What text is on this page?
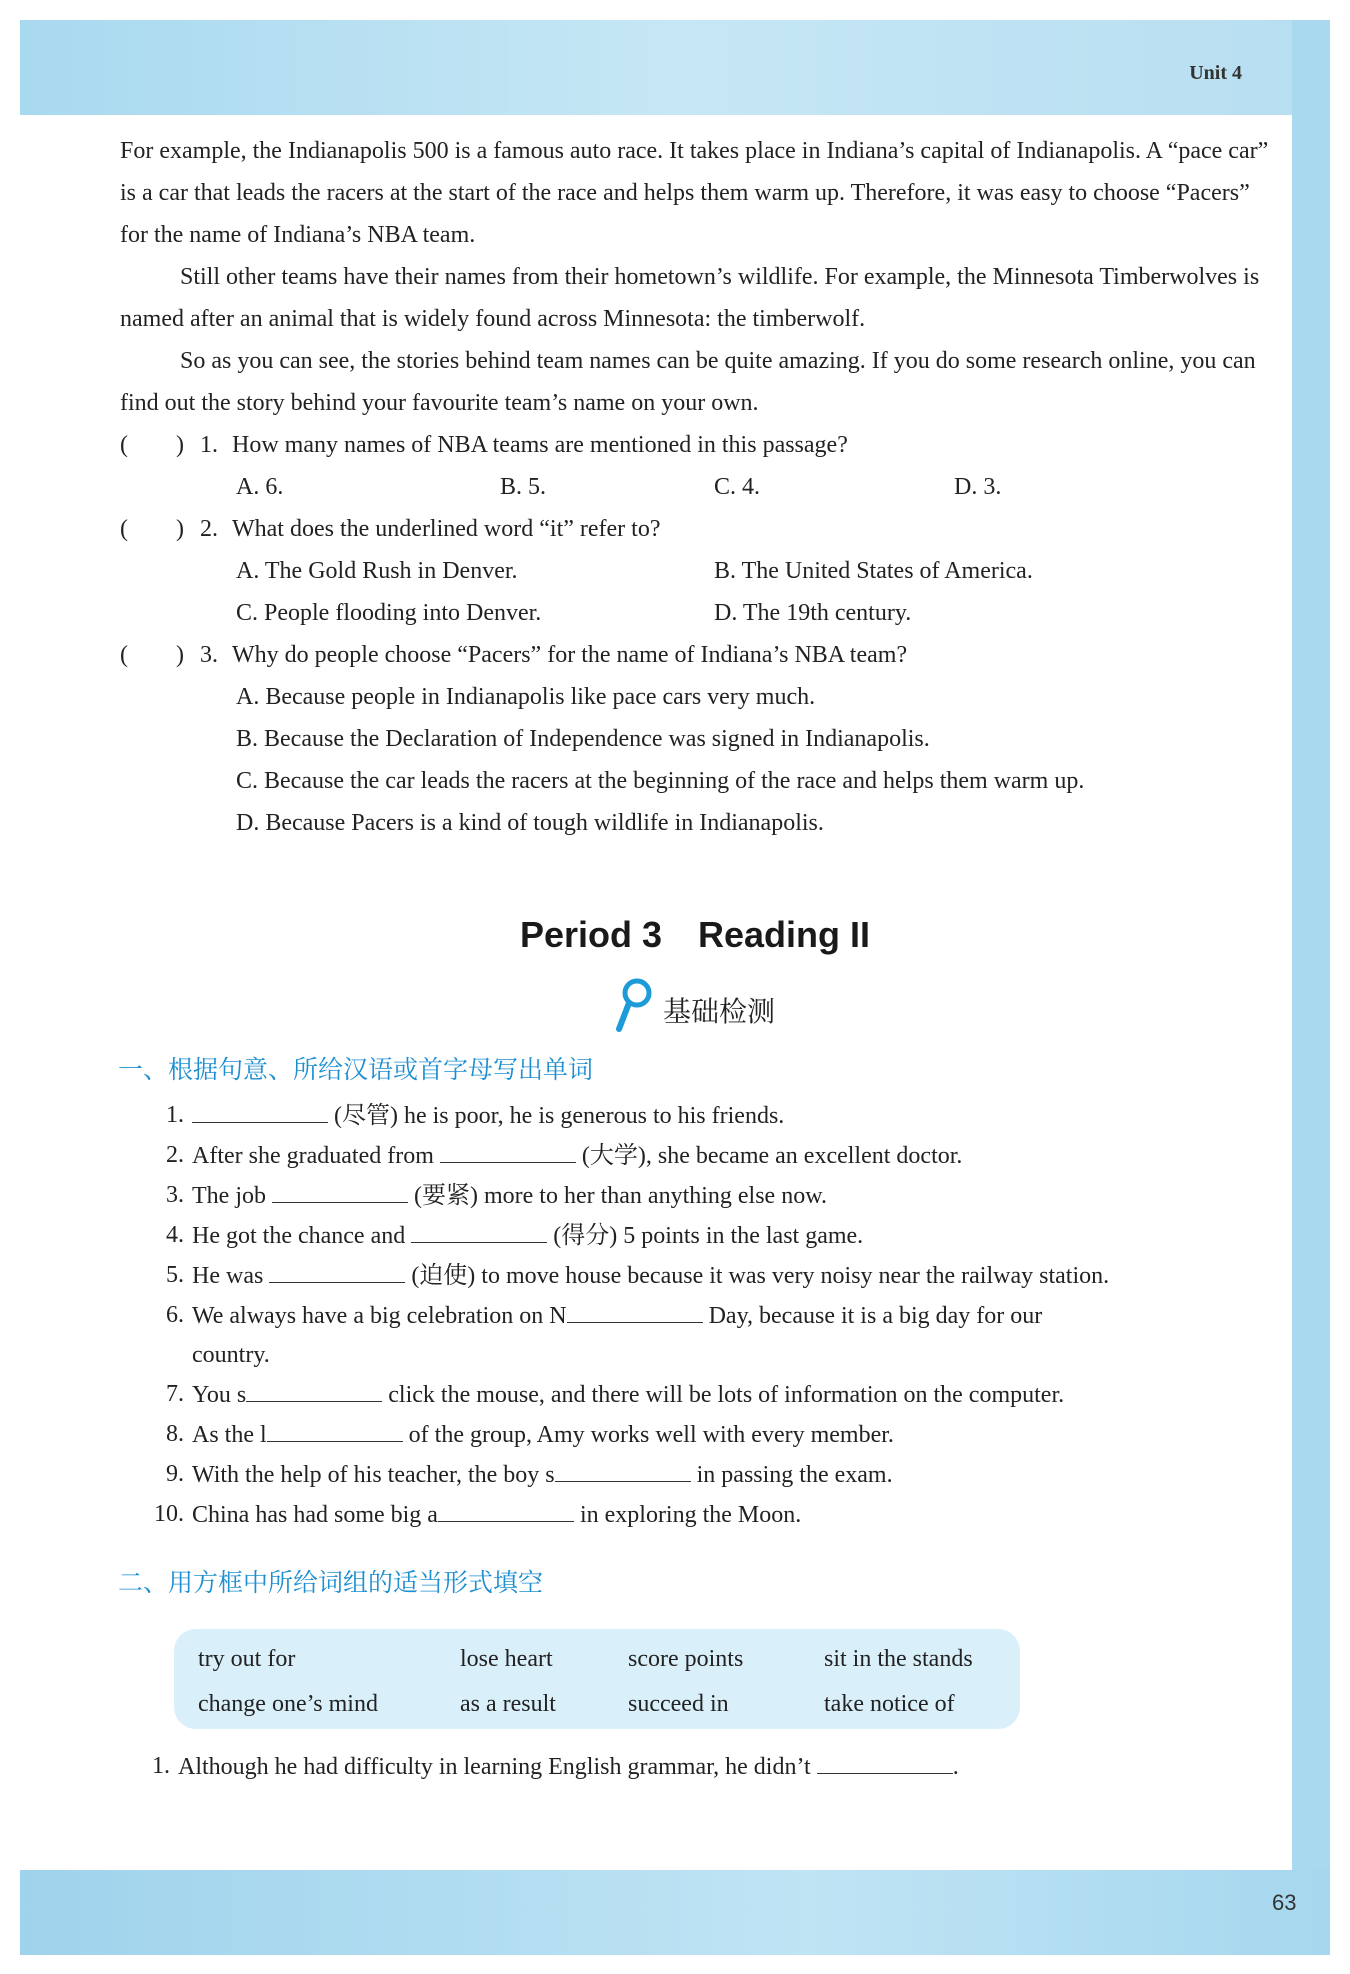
Unit 4
63

For example, the Indianapolis 500 is a famous auto race. It takes place in Indiana’s capital of Indianapolis. A “pace car” is a car that leads the racers at the start of the race and helps them warm up. Therefore, it was easy to choose “Pacers” for the name of Indiana’s NBA team.

Still other teams have their names from their hometown’s wildlife. For example, the Minnesota Timberwolves is named after an animal that is widely found across Minnesota: the timberwolf.

So as you can see, the stories behind team names can be quite amazing. If you do some research online, you can find out the story behind your favourite team’s name on your own.

(        ) 1. How many names of NBA teams are mentioned in this passage?
A. 6.	B. 5.	C. 4.	D. 3.
(        ) 2. What does the underlined word “it” refer to?
A. The Gold Rush in Denver.	B. The United States of America.
C. People flooding into Denver.	D. The 19th century.
(        ) 3. Why do people choose “Pacers” for the name of Indiana’s NBA team?
A. Because people in Indianapolis like pace cars very much.
B. Because the Declaration of Independence was signed in Indianapolis.
C. Because the car leads the racers at the beginning of the race and helps them warm up.
D. Because Pacers is a kind of tough wildlife in Indianapolis.
Period 3 Reading II
基础检测
一、根据句意、所给汉语或首字母写出单词
1.	(尽管) he is poor, he is generous to his friends.
2. After she graduated from	(大学), she became an excellent doctor.
3. The job	(要紧) more to her than anything else now.
4. He got the chance and	(得分) 5 points in the last game.
5. He was	(迫使) to move house because it was very noisy near the railway station.
6. We always have a big celebration on N	Day, because it is a big day for our
country.
7. You s	click the mouse, and there will be lots of information on the computer.
8. As the l	of the group, Amy works well with every member.
9. With the help of his teacher, the boy s	in passing the exam.
10. China has had some big a	in exploring the Moon.
二、用方框中所给词组的适当形式填空
try out for	lose heart	score points	sit in the stands
change one’s mind	as a result	succeed in	take notice of
1. Although he had difficulty in learning English grammar, he didn’t	.
